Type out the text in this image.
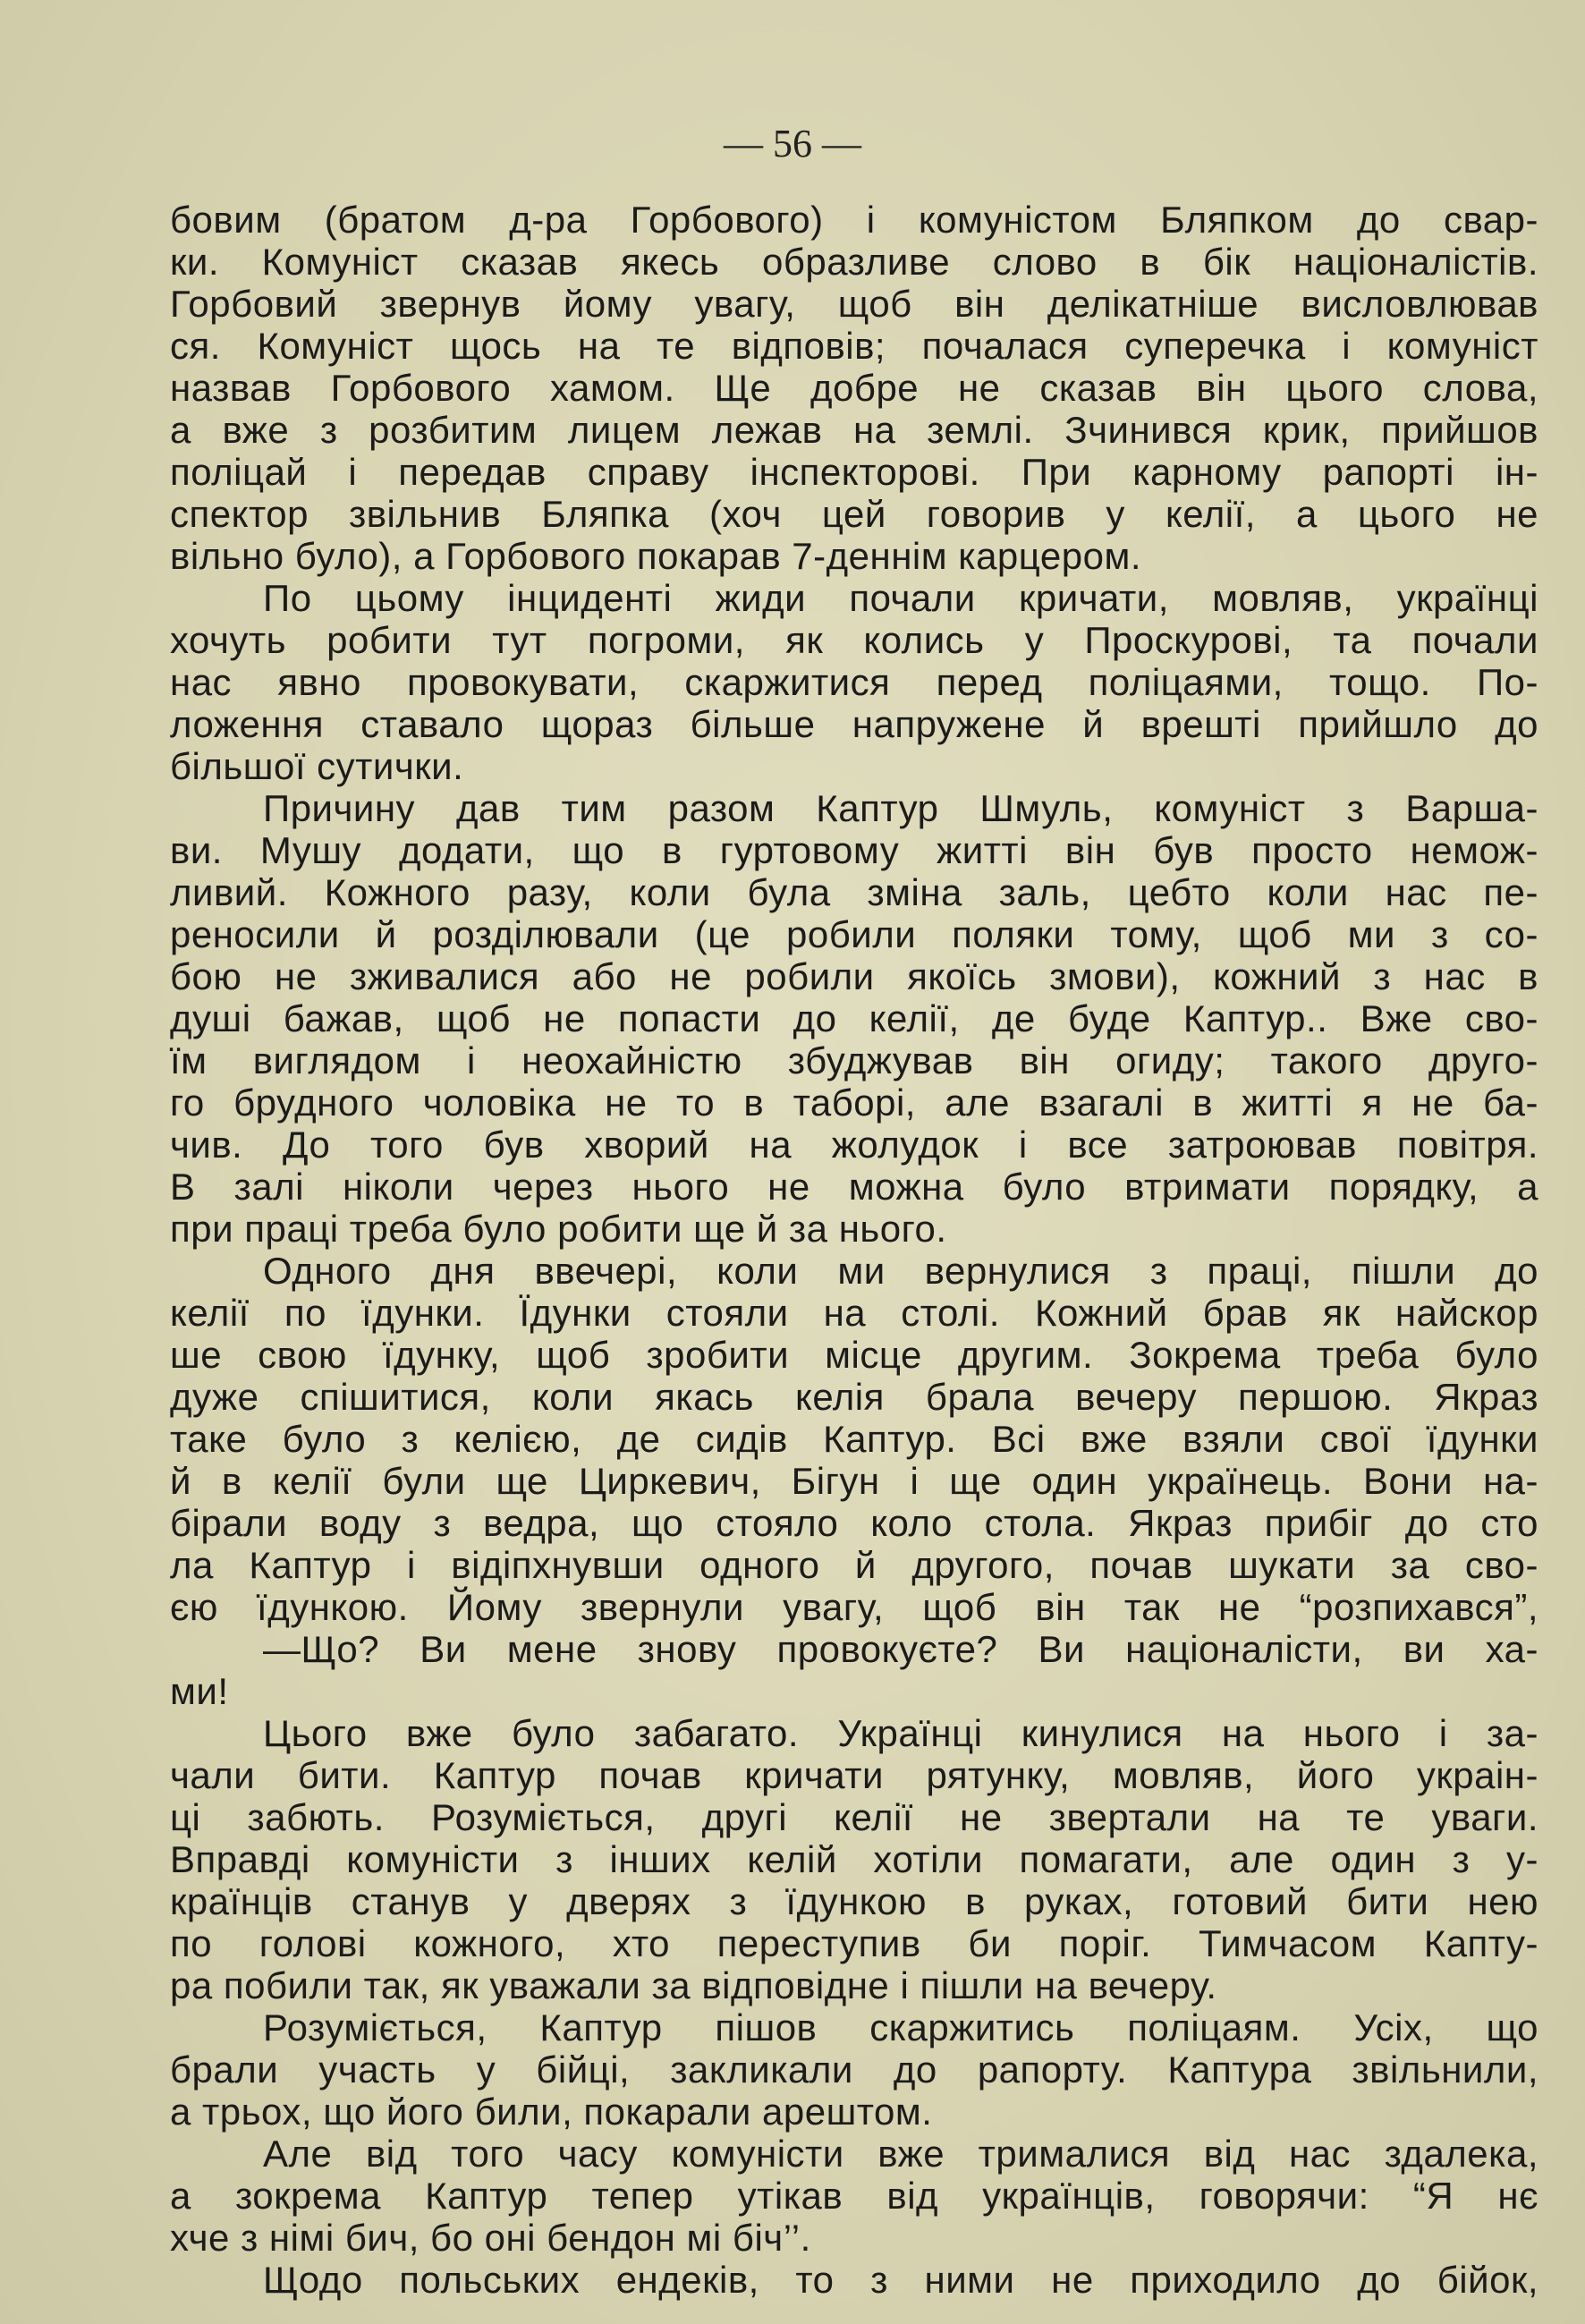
— 56 —
бовим (братом д-ра Горбового) і комуністом Бляпком до свар-
ки. Комуніст сказав якесь образливе слово в бік націоналістів.
Горбовий звернув йому увагу, щоб він делікатніше висловлював
ся. Комуніст щось на те відповів; почалася суперечка і комуніст
назвав Горбового хамом. Ще добре не сказав він цього слова,
а вже з розбитим лицем лежав на землі. Зчинився крик, прийшов
поліцай і передав справу інспекторові. При карному рапорті ін-
спектор звільнив Бляпка (хоч цей говорив у келії, а цього не
вільно було), а Горбового покарав 7-деннім карцером.
По цьому інциденті жиди почали кричати, мовляв, українці
хочуть робити тут погроми, як колись у Проскурові, та почали
нас явно провокувати, скаржитися перед поліцаями, тощо. По-
ложення ставало щораз більше напружене й врешті прийшло до
більшої сутички.
Причину дав тим разом Каптур Шмуль, комуніст з Варша-
ви. Мушу додати, що в гуртовому житті він був просто немож-
ливий. Кожного разу, коли була зміна заль, цебто коли нас пе-
реносили й розділювали (це робили поляки тому, щоб ми з со-
бою не зживалися або не робили якоїсь змови), кожний з нас в
душі бажав, щоб не попасти до келії, де буде Каптур.. Вже сво-
їм виглядом і неохайністю збуджував він огиду; такого друго-
го брудного чоловіка не то в таборі, але взагалі в житті я не ба-
чив. До того був хворий на жолудок і все затроював повітря.
В залі ніколи через нього не можна було втримати порядку, а
при праці треба було робити ще й за нього.
Одного дня ввечері, коли ми вернулися з праці, пішли до
келії по їдунки. Їдунки стояли на столі. Кожний брав як найскор
ше свою їдунку, щоб зробити місце другим. Зокрема треба було
дуже спішитися, коли якась келія брала вечеру першою. Якраз
таке було з келією, де сидів Каптур. Всі вже взяли свої їдунки
й в келії були ще Циркевич, Бігун і ще один українець. Вони на-
бірали воду з ведра, що стояло коло стола. Якраз прибіг до сто
ла Каптур і відіпхнувши одного й другого, почав шукати за сво-
єю їдункою. Йому звернули увагу, щоб він так не “розпихався”,
—Що? Ви мене знову провокуєте? Ви націоналісти, ви ха-
ми!
Цього вже було забагато. Українці кинулися на нього і за-
чали бити. Каптур почав кричати рятунку, мовляв, його украін-
ці забють. Розуміється, другі келії не звертали на те уваги.
Вправді комуністи з інших келій хотіли помагати, але один з у-
країнців станув у дверях з їдункою в руках, готовий бити нею
по голові кожного, хто переступив би поріг. Тимчасом Капту-
ра побили так, як уважали за відповідне і пішли на вечеру.
Розуміється, Каптур пішов скаржитись поліцаям. Усіх, що
брали участь у бійці, закликали до рапорту. Каптура звільнили,
а трьох, що його били, покарали арештом.
Але від того часу комуністи вже трималися від нас здалека,
а зокрема Каптур тепер утікав від українців, говорячи: “Я нє
хче з німі бич, бо оні бендон мі біч’’.
Щодо польських ендеків, то з ними не приходило до бійок,
